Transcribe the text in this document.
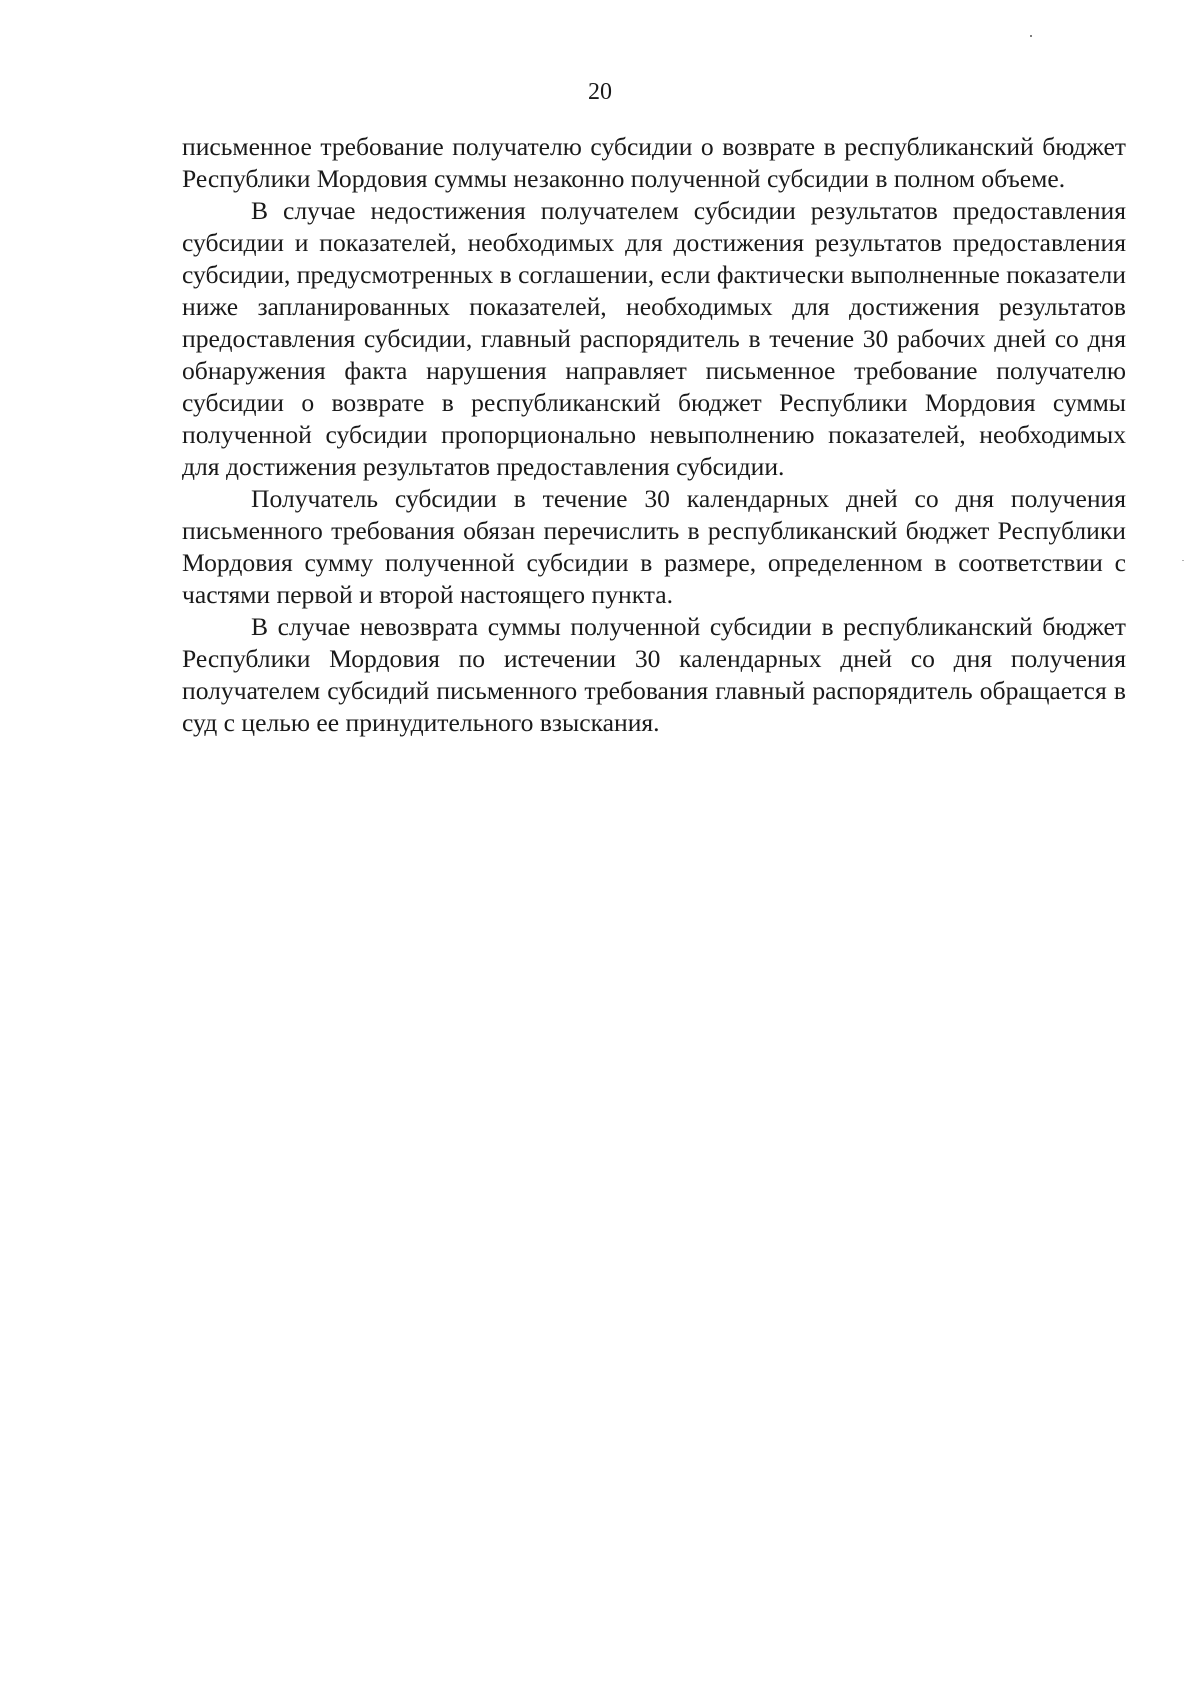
20

письменное требование получателю субсидии о возврате в республиканский бюджет Республики Мордовия суммы незаконно полученной субсидии в полном объеме.

В случае недостижения получателем субсидии результатов предоставления субсидии и показателей, необходимых для достижения результатов предоставления субсидии, предусмотренных в соглашении, если фактически выполненные показатели ниже запланированных показателей, необходимых для достижения результатов предоставления субсидии, главный распорядитель в течение 30 рабочих дней со дня обнаружения факта нарушения направляет письменное требование получателю субсидии о возврате в республиканский бюджет Республики Мордовия суммы полученной субсидии пропорционально невыполнению показателей, необходимых для достижения результатов предоставления субсидии.

Получатель субсидии в течение 30 календарных дней со дня получения письменного требования обязан перечислить в республиканский бюджет Республики Мордовия сумму полученной субсидии в размере, определенном в соответствии с частями первой и второй настоящего пункта.

В случае невозврата суммы полученной субсидии в республиканский бюджет Республики Мордовия по истечении 30 календарных дней со дня получения получателем субсидий письменного требования главный распорядитель обращается в суд с целью ее принудительного взыскания.
